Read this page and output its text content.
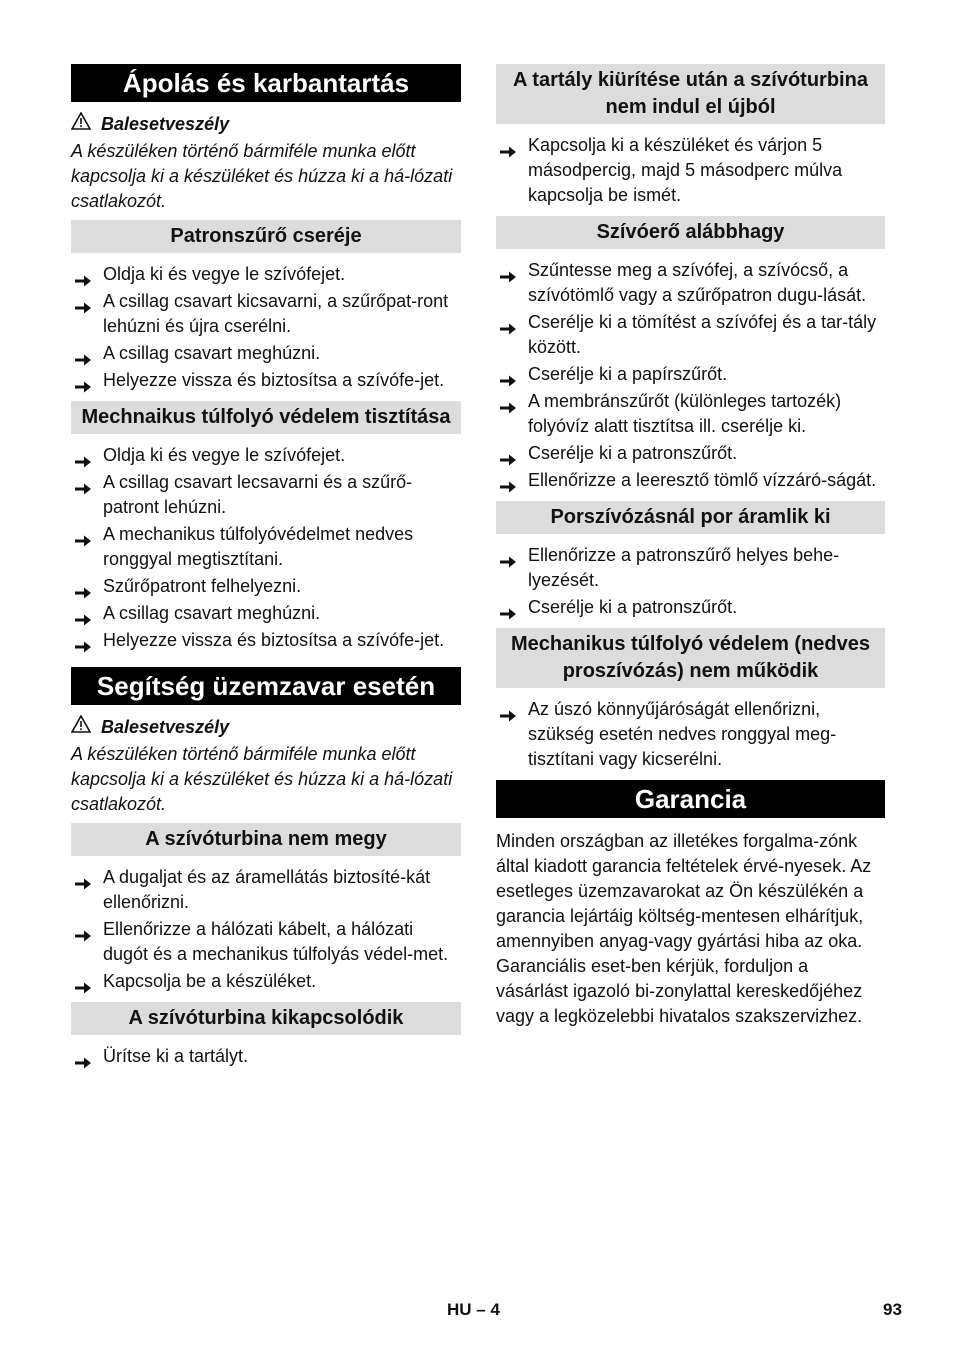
Ápolás és karbantartás
Balesetveszély
A készüléken történő bármiféle munka előtt kapcsolja ki a készüléket és húzza ki a há-lózati csatlakozót.
Patronszűrő cseréje
Oldja ki és vegye le szívófejet.
A csillag csavart kicsavarni, a szűrőpat-ront lehúzni és újra cserélni.
A csillag csavart meghúzni.
Helyezze vissza és biztosítsa a szívófe-jet.
Mechnaikus túlfolyó védelem tisztítása
Oldja ki és vegye le szívófejet.
A csillag csavart lecsavarni és a szűrő-patront lehúzni.
A mechanikus túlfolyóvédelmet nedves ronggyal megtisztítani.
Szűrőpatront felhelyezni.
A csillag csavart meghúzni.
Helyezze vissza és biztosítsa a szívófe-jet.
Segítség üzemzavar esetén
Balesetveszély
A készüléken történő bármiféle munka előtt kapcsolja ki a készüléket és húzza ki a há-lózati csatlakozót.
A szívóturbina nem megy
A dugaljat és az áramellátás biztosíté-kát ellenőrizni.
Ellenőrizze a hálózati kábelt, a hálózati dugót és a mechanikus túlfolyás védel-met.
Kapcsolja be a készüléket.
A szívóturbina kikapcsolódik
Ürítse ki a tartályt.
A tartály kiürítése után a szívóturbina nem indul el újból
Kapcsolja ki a készüléket és várjon 5 másodpercig, majd 5 másodperc múlva kapcsolja be ismét.
Szívóerő alábbhagy
Szűntesse meg a szívófej, a szívócső, a szívótömlő vagy a szűrőpatron dugu-lását.
Cserélje ki a tömítést a szívófej és a tar-tály között.
Cserélje ki a papírszűrőt.
A membránszűrőt (különleges tartozék) folyóvíz alatt tisztítsa ill. cserélje ki.
Cserélje ki a patronszűrőt.
Ellenőrizze a leeresztő tömlő vízzáró-ságát.
Porszívózásnál por áramlik ki
Ellenőrizze a patronszűrő helyes behe-lyezését.
Cserélje ki a patronszűrőt.
Mechanikus túlfolyó védelem (nedves proszívózás) nem működik
Az úszó könnyűjáróságát ellenőrizni, szükség esetén nedves ronggyal meg-tisztítani vagy kicserélni.
Garancia
Minden országban az illetékes forgalma-zónk által kiadott garancia feltételek érvé-nyesek. Az esetleges üzemzavarokat az Ön készülékén a garancia lejártáig költség-mentesen elhárítjuk, amennyiben anyag-vagy gyártási hiba az oka. Garanciális eset-ben kérjük, forduljon a vásárlást igazoló bi-zonylattal kereskedőjéhez vagy a legközelebbi hivatalos szakszervizhez.
HU – 4	93
